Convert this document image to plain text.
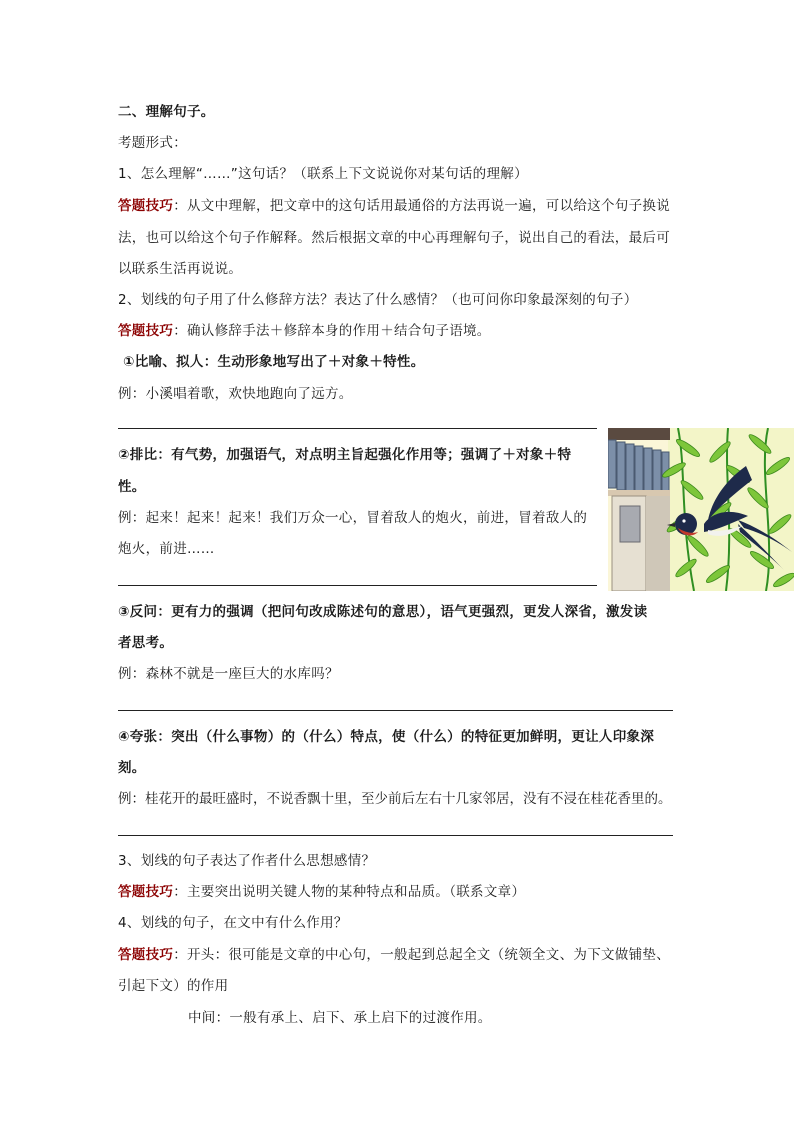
二、理解句子。
考题形式：
1、怎么理解“……”这句话？（联系上下文说说你对某句话的理解）
答题技巧：从文中理解，把文章中的这句话用最通俗的方法再说一遍，可以给这个句子换说
法，也可以给这个句子作解释。然后根据文章的中心再理解句子，说出自己的看法，最后可
以联系生活再说说。
2、划线的句子用了什么修辞方法？表达了什么感情？（也可问你印象最深刻的句子）
答题技巧：确认修辞手法＋修辞本身的作用＋结合句子语境。
①比喻、拟人：生动形象地写出了＋对象＋特性。
例：小溪唱着歌，欢快地跑向了远方。
②排比：有气势，加强语气，对点明主旨起强化作用等；强调了＋对象＋特
性。
例：起来！起来！起来！我们万众一心，冒着敌人的炮火，前进，冒着敌人的
炮火，前进……
③反问：更有力的强调（把问句改成陈述句的意思），语气更强烈，更发人深省，激发读
者思考。
例：森林不就是一座巨大的水库吗？
④夸张：突出（什么事物）的（什么）特点，使（什么）的特征更加鲜明，更让人印象深
刻。
例：桂花开的最旺盛时，不说香飘十里，至少前后左右十几家邻居，没有不浸在桂花香里的。
3、划线的句子表达了作者什么思想感情？
答题技巧：主要突出说明关键人物的某种特点和品质。（联系文章）
4、划线的句子，在文中有什么作用？
答题技巧：开头：很可能是文章的中心句，一般起到总起全文（统领全文、为下文做铺垫、
引起下文）的作用
中间：一般有承上、启下、承上启下的过渡作用。
